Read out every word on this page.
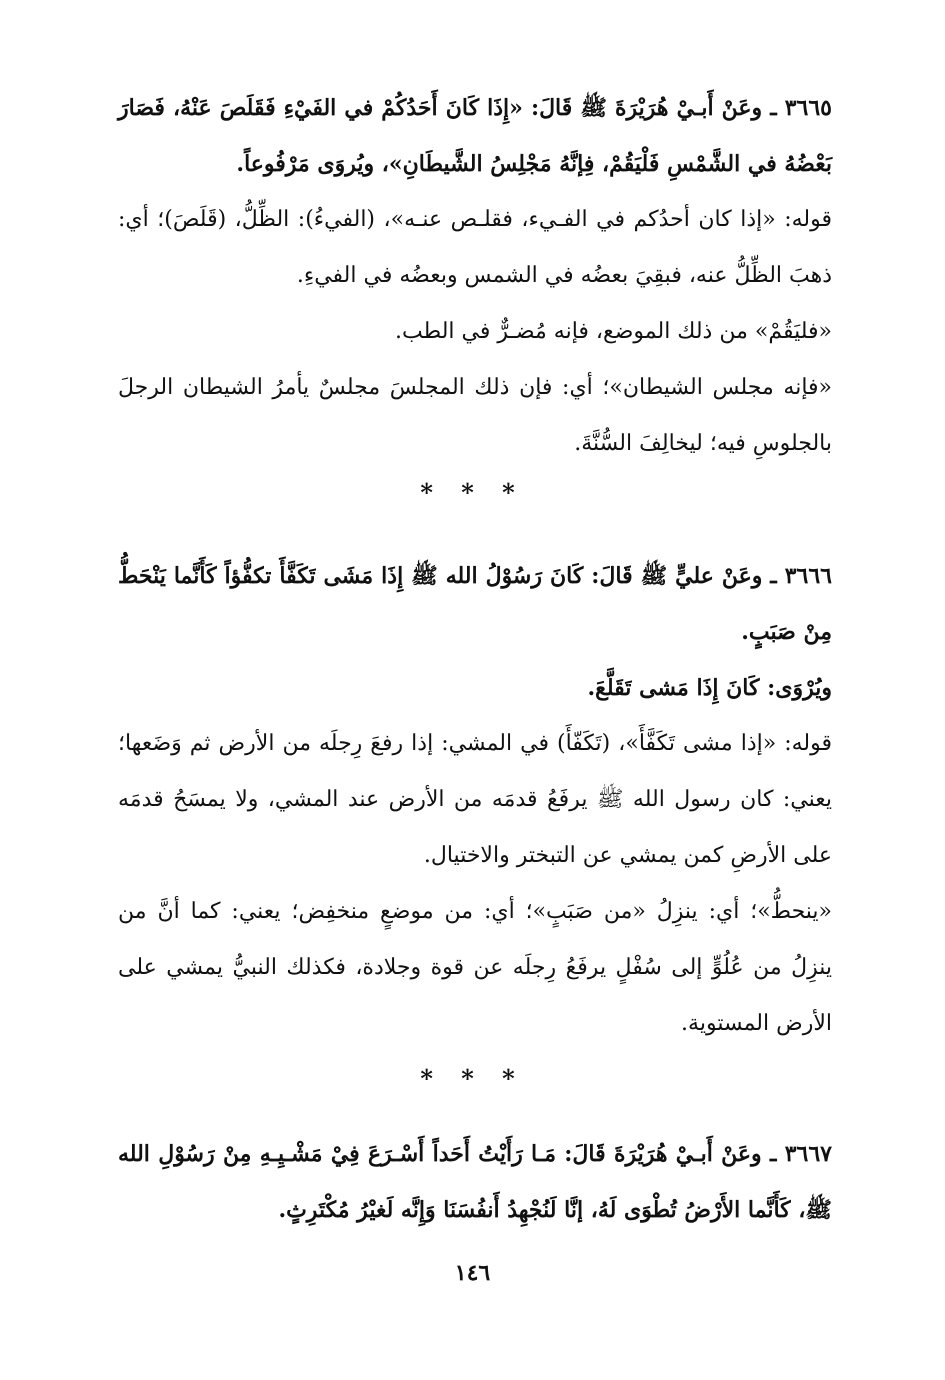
٣٦٦٥ ـ وعَنْ أَبـيْ هُرَيْرَةَ ﷺ قَالَ: «إِذَا كَانَ أَحَدُكُمْ في الفَيْءِ فَقَلَصَ عَنْهُ، فَصَارَ بَعْضُهُ في الشَّمْسِ فَلْيَقُمْ، فِإنَّهُ مَجْلِسُ الشَّيطَانِ»، ويُروَى مَرْفُوعاً.
قوله: «إذا كان أحدُكم في الفـيء، فقلـص عنـه»، (الفيءُ): الظِّلُّ، (قَلَصَ)؛ أي: ذهبَ الظِّلُّ عنه، فبقِيَ بعضُه في الشمس وبعضُه في الفيءِ.
«فليَقُمْ» من ذلك الموضع، فإنه مُضـرٌّ في الطب.
«فإنه مجلس الشيطان»؛ أي: فإن ذلك المجلسَ مجلسٌ يأمرُ الشيطان الرجلَ بالجلوسِ فيه؛ ليخالِفَ السُّنَّةَ.
* * *
٣٦٦٦ ـ وعَنْ عليٍّ ﷺ قَالَ: كَانَ رَسُوْلُ الله ﷺ إِذَا مَشَى تَكَفَّأَ تكفُّؤاً كَأَنَّما يَنْحَطُّ مِنْ صَبَبٍ.
ويُرْوَى: كَانَ إِذَا مَشى تَقَلَّعَ.
قوله: «إذا مشى تَكَفَّأَ»، (تَكَفّأَ) في المشي: إذا رفعَ رِجلَه من الأرض ثم وَضَعها؛ يعني: كان رسول الله ﷺ يرفَعُ قدمَه من الأرض عند المشي، ولا يمسَحُ قدمَه على الأرضِ كمن يمشي عن التبختر والاختيال.
«ينحطُّ»؛ أي: ينزِلُ «من صَبَبٍ»؛ أي: من موضعٍ منخفِض؛ يعني: كما أنَّ من ينزِلُ من عُلُوٍّ إلى سُفْلٍ يرفَعُ رِجلَه عن قوة وجلادة، فكذلك النبيُّ يمشي على الأرض المستوية.
* * *
٣٦٦٧ ـ وعَنْ أَبـيْ هُرَيْرَةَ قَالَ: مَـا رَأَيْتُ أَحَداً أَسْـرَعَ فِيْ مَشْـيِـهِ مِنْ رَسُوْلِ الله ﷺ، كَأَنَّما الأَرْضُ تُطْوَى لَهُ، إنَّا لَنُجْهِدُ أَنفُسَنَا وَإِنَّه لَغيْرُ مُكْتَرِثٍ.
١٤٦
